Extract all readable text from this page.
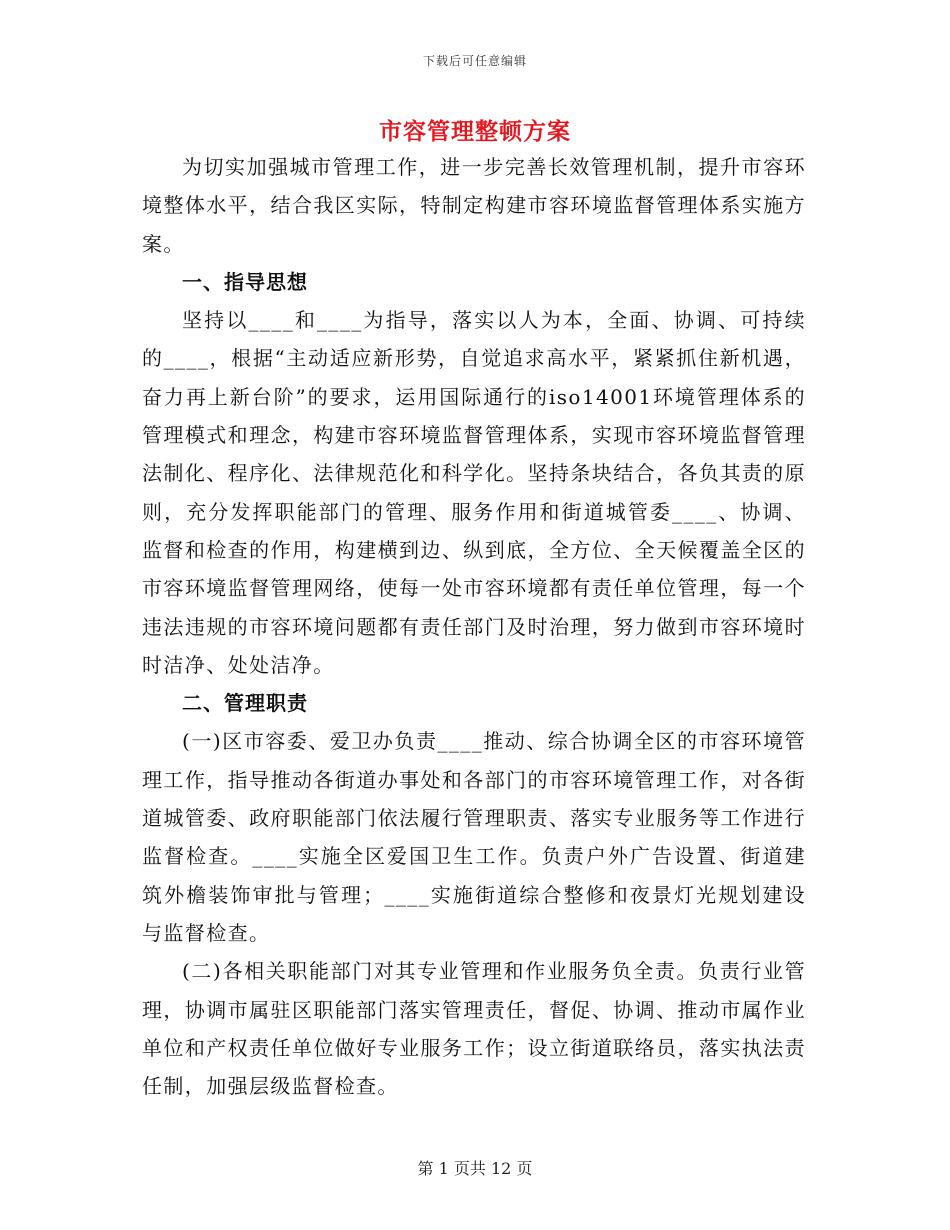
下载后可任意编辑
市容管理整顿方案

为切实加强城市管理工作，进一步完善长效管理机制，提升市容环境整体水平，结合我区实际，特制定构建市容环境监督管理体系实施方案。

一、指导思想

坚持以____和____为指导，落实以人为本，全面、协调、可持续的____，根据“主动适应新形势，自觉追求高水平，紧紧抓住新机遇，奋力再上新台阶”的要求，运用国际通行的iso14001环境管理体系的管理模式和理念，构建市容环境监督管理体系，实现市容环境监督管理法制化、程序化、法律规范化和科学化。坚持条块结合，各负其责的原则，充分发挥职能部门的管理、服务作用和街道城管委____、协调、监督和检查的作用，构建横到边、纵到底，全方位、全天候覆盖全区的市容环境监督管理网络，使每一处市容环境都有责任单位管理，每一个违法违规的市容环境问题都有责任部门及时治理，努力做到市容环境时时洁净、处处洁净。

二、管理职责

(一)区市容委、爱卫办负责____推动、综合协调全区的市容环境管理工作，指导推动各街道办事处和各部门的市容环境管理工作，对各街道城管委、政府职能部门依法履行管理职责、落实专业服务等工作进行监督检查。____实施全区爱国卫生工作。负责户外广告设置、街道建筑外檐装饰审批与管理；____实施街道综合整修和夜景灯光规划建设与监督检查。

(二)各相关职能部门对其专业管理和作业服务负全责。负责行业管理，协调市属驻区职能部门落实管理责任，督促、协调、推动市属作业单位和产权责任单位做好专业服务工作；设立街道联络员，落实执法责任制，加强层级监督检查。

第 1 页共 12 页
